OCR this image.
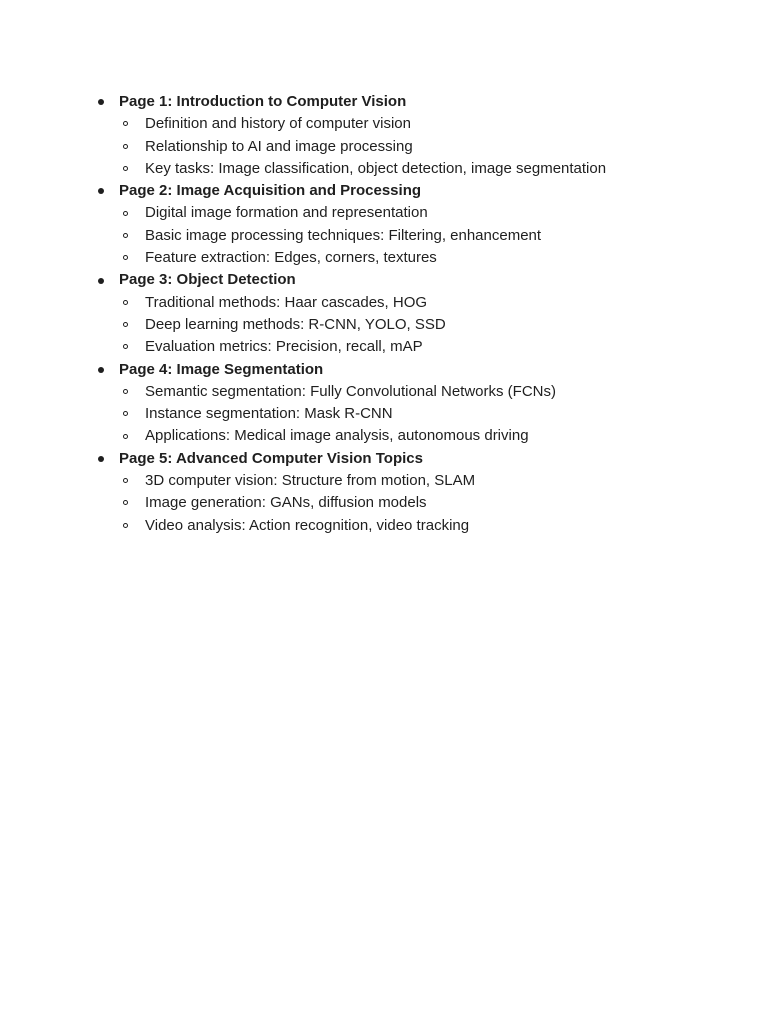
Page 1: Introduction to Computer Vision
Definition and history of computer vision
Relationship to AI and image processing
Key tasks: Image classification, object detection, image segmentation
Page 2: Image Acquisition and Processing
Digital image formation and representation
Basic image processing techniques: Filtering, enhancement
Feature extraction: Edges, corners, textures
Page 3: Object Detection
Traditional methods: Haar cascades, HOG
Deep learning methods: R-CNN, YOLO, SSD
Evaluation metrics: Precision, recall, mAP
Page 4: Image Segmentation
Semantic segmentation: Fully Convolutional Networks (FCNs)
Instance segmentation: Mask R-CNN
Applications: Medical image analysis, autonomous driving
Page 5: Advanced Computer Vision Topics
3D computer vision: Structure from motion, SLAM
Image generation: GANs, diffusion models
Video analysis: Action recognition, video tracking
